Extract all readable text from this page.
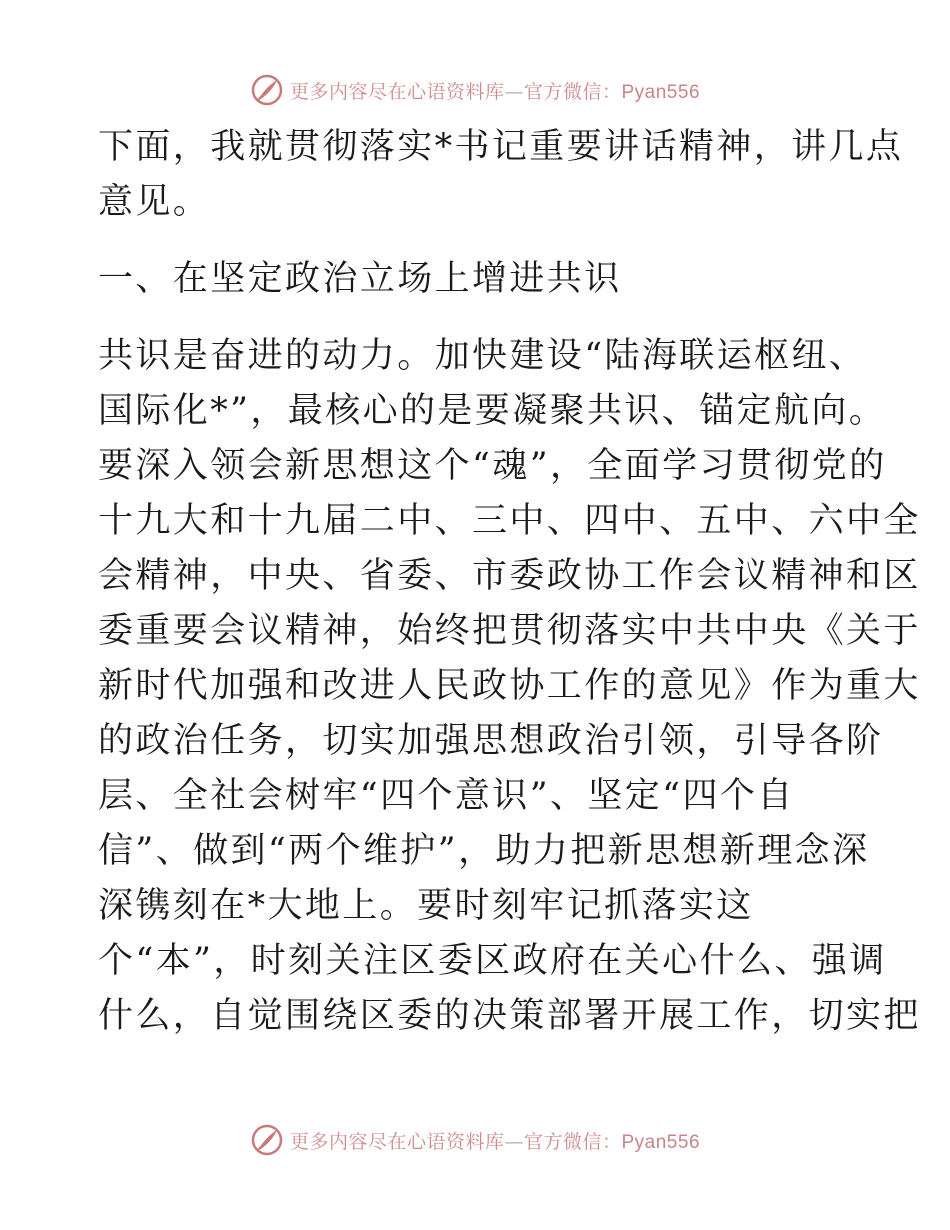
更多内容尽在心语资料库—官方微信：Pyan556
下面，我就贯彻落实*书记重要讲话精神，讲几点
意见。
一、在坚定政治立场上增进共识
共识是奋进的动力。加快建设“陆海联运枢纽、
国际化*”，最核心的是要凝聚共识、锚定航向。
要深入领会新思想这个“魂”，全面学习贯彻党的
十九大和十九届二中、三中、四中、五中、六中全
会精神，中央、省委、市委政协工作会议精神和区
委重要会议精神，始终把贯彻落实中共中央《关于
新时代加强和改进人民政协工作的意见》作为重大
的政治任务，切实加强思想政治引领，引导各阶
层、全社会树牢“四个意识”、坚定“四个自
信”、做到“两个维护”，助力把新思想新理念深
深镌刻在*大地上。要时刻牢记抓落实这
个“本”，时刻关注区委区政府在关心什么、强调
什么，自觉围绕区委的决策部署开展工作，切实把
更多内容尽在心语资料库—官方微信：Pyan556
